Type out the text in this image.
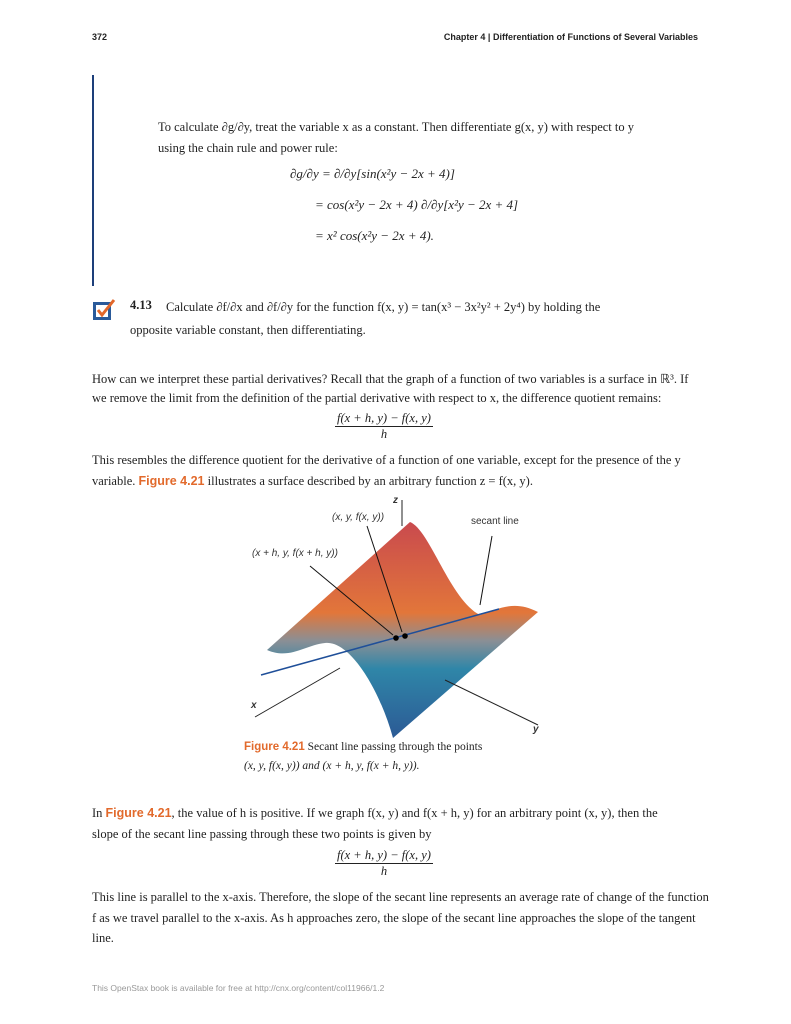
372	Chapter 4 | Differentiation of Functions of Several Variables
To calculate ∂g/∂y, treat the variable x as a constant. Then differentiate g(x, y) with respect to y
using the chain rule and power rule:
∂g/∂y = ∂/∂y[sin(x²y − 2x + 4)]
= cos(x²y − 2x + 4) ∂/∂y[x²y − 2x + 4]
= x² cos(x²y − 2x + 4).
4.13 Calculate ∂f/∂x and ∂f/∂y for the function f(x, y) = tan(x³ − 3x²y² + 2y⁴) by holding the
opposite variable constant, then differentiating.
How can we interpret these partial derivatives? Recall that the graph of a function of two variables is a surface in ℝ³. If
we remove the limit from the definition of the partial derivative with respect to x, the difference quotient remains:
$\frac{f(x + h, y) - f(x, y)}{h}$
This resembles the difference quotient for the derivative of a function of one variable, except for the presence of the y
variable. Figure 4.21 illustrates a surface described by an arbitrary function z = f(x, y).
z
x
y
(x, y, f(x, y))
(x + h, y, f(x + h, y))
secant line
Figure 4.21 Secant line passing through the points
(x, y, f(x, y)) and (x + h, y, f(x + h, y)).
In Figure 4.21, the value of h is positive. If we graph f(x, y) and f(x + h, y) for an arbitrary point (x, y), then the
slope of the secant line passing through these two points is given by
$\frac{f(x + h, y) - f(x, y)}{h}$
This line is parallel to the x-axis. Therefore, the slope of the secant line represents an average rate of change of the function
f as we travel parallel to the x-axis. As h approaches zero, the slope of the secant line approaches the slope of the tangent
line.
This OpenStax book is available for free at http://cnx.org/content/col11966/1.2
